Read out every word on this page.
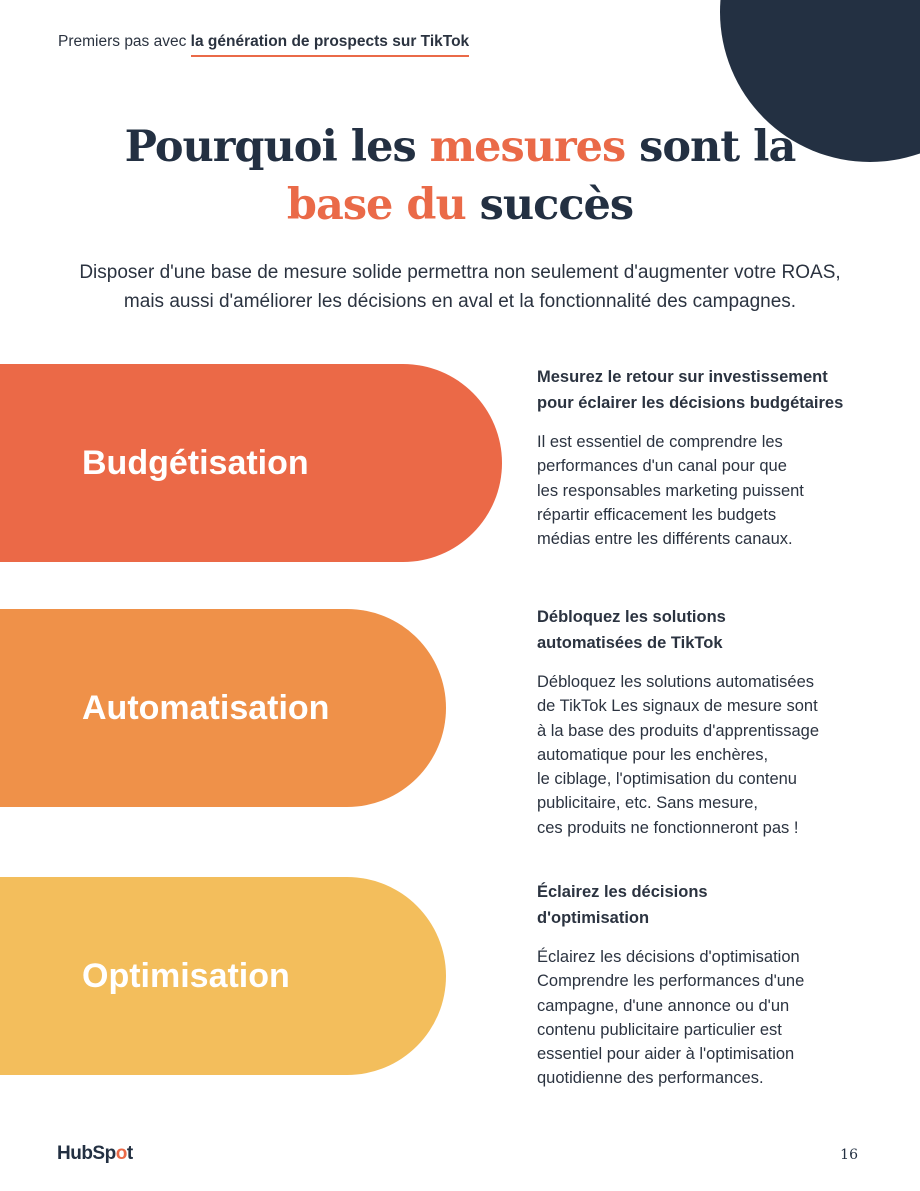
Premiers pas avec la génération de prospects sur TikTok
Pourquoi les mesures sont la
base du succès
Disposer d'une base de mesure solide permettra non seulement d'augmenter votre ROAS, mais aussi d'améliorer les décisions en aval et la fonctionnalité des campagnes.
Budgétisation
Mesurez le retour sur investissement
pour éclairer les décisions budgétaires

Il est essentiel de comprendre les
performances d'un canal pour que
les responsables marketing puissent
répartir efficacement les budgets
médias entre les différents canaux.

Automatisation
Débloquez les solutions
automatisées de TikTok

Débloquez les solutions automatisées
de TikTok Les signaux de mesure sont
à la base des produits d'apprentissage
automatique pour les enchères,
le ciblage, l'optimisation du contenu
publicitaire, etc. Sans mesure,
ces produits ne fonctionneront pas !

Optimisation
Éclairez les décisions
d'optimisation

Éclairez les décisions d'optimisation
Comprendre les performances d'une
campagne, d'une annonce ou d'un
contenu publicitaire particulier est
essentiel pour aider à l'optimisation
quotidienne des performances.

HubSpot	16
